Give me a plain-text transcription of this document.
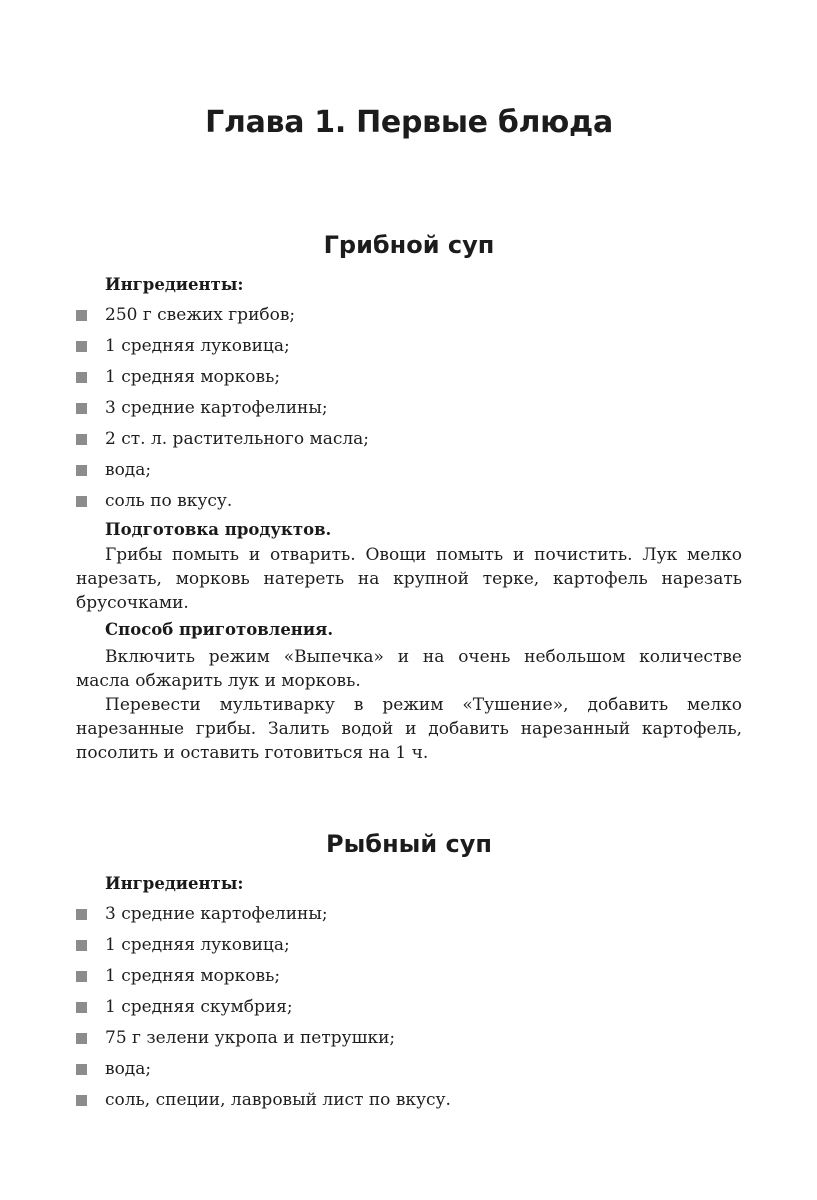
Глава 1. Первые блюда
Грибной суп
Ингредиенты:
250 г свежих грибов;
1 средняя луковица;
1 средняя морковь;
3 средние картофелины;
2 ст. л. растительного масла;
вода;
соль по вкусу.
Подготовка продуктов.

Грибы помыть и отварить. Овощи помыть и почистить. Лук мелко нарезать, морковь натереть на крупной терке, картофель нарезать брусочками.

Способ приготовления.

Включить режим «Выпечка» и на очень небольшом количестве масла обжарить лук и морковь.

Перевести мультиварку в режим «Тушение», добавить мелко нарезанные грибы. Залить водой и добавить нарезанный картофель, посолить и оставить готовиться на 1 ч.

Рыбный суп
Ингредиенты:
3 средние картофелины;
1 средняя луковица;
1 средняя морковь;
1 средняя скумбрия;
75 г зелени укропа и петрушки;
вода;
соль, специи, лавровый лист по вкусу.
